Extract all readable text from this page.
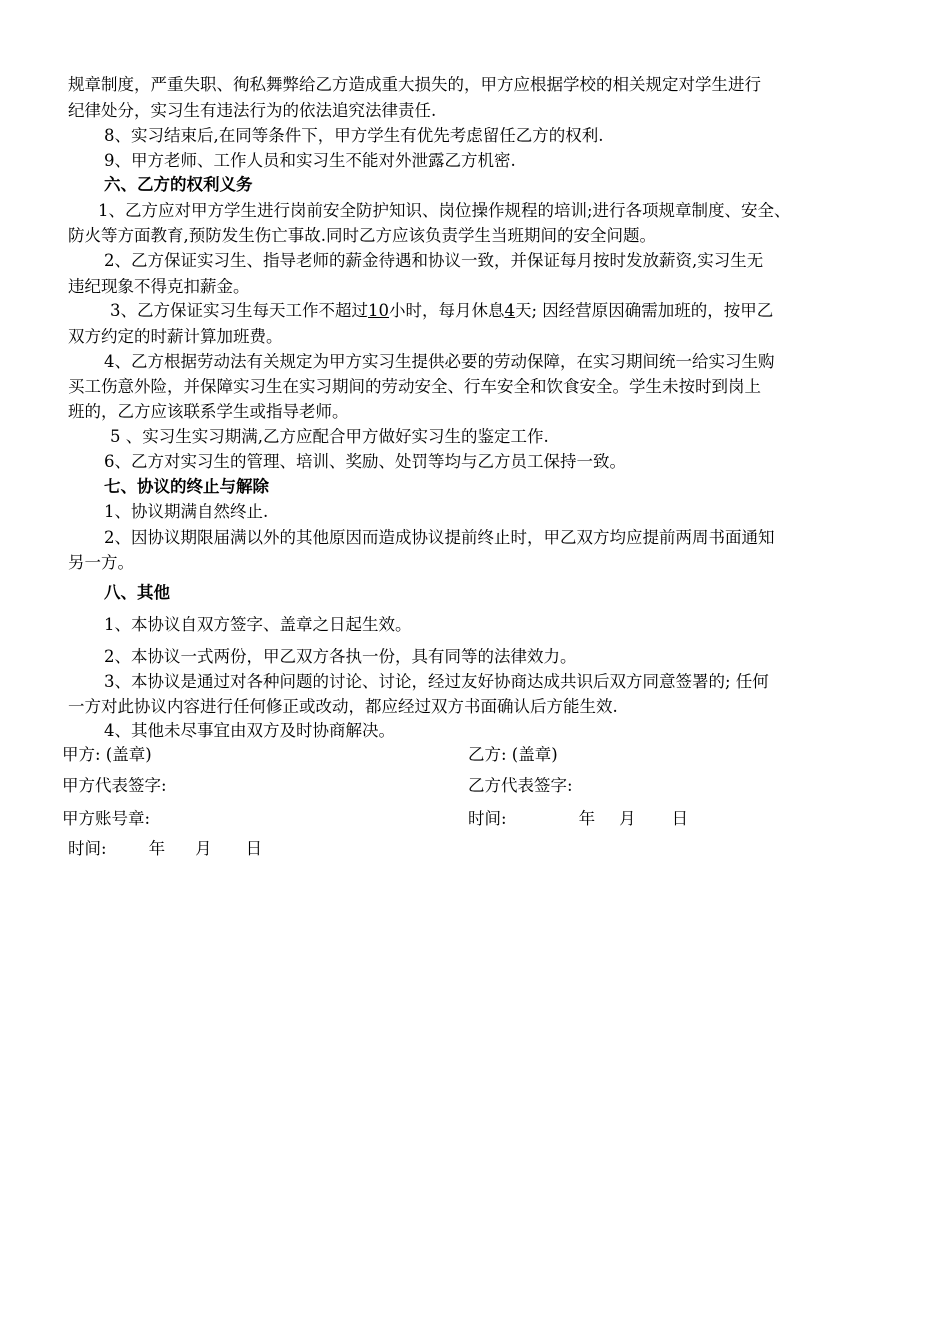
规章制度，严重失职、徇私舞弊给乙方造成重大损失的，甲方应根据学校的相关规定对学生进行
纪律处分，实习生有违法行为的依法追究法律责任.
8、实习结束后,在同等条件下，甲方学生有优先考虑留任乙方的权利.
9、甲方老师、工作人员和实习生不能对外泄露乙方机密.
六、乙方的权利义务
1、乙方应对甲方学生进行岗前安全防护知识、岗位操作规程的培训;进行各项规章制度、安全、
防火等方面教育,预防发生伤亡事故.同时乙方应该负责学生当班期间的安全问题。
2、乙方保证实习生、指导老师的薪金待遇和协议一致，并保证每月按时发放薪资,实习生无
违纪现象不得克扣薪金。
3、乙方保证实习生每天工作不超过10小时，每月休息4天; 因经营原因确需加班的，按甲乙
双方约定的时薪计算加班费。
4、乙方根据劳动法有关规定为甲方实习生提供必要的劳动保障，在实习期间统一给实习生购
买工伤意外险，并保障实习生在实习期间的劳动安全、行车安全和饮食安全。学生未按时到岗上
班的，乙方应该联系学生或指导老师。
5 、实习生实习期满,乙方应配合甲方做好实习生的鉴定工作.
6、乙方对实习生的管理、培训、奖励、处罚等均与乙方员工保持一致。
七、协议的终止与解除
1、协议期满自然终止.
2、因协议期限届满以外的其他原因而造成协议提前终止时，甲乙双方均应提前两周书面通知
另一方。
八、其他
1、本协议自双方签字、盖章之日起生效。
2、本协议一式两份，甲乙双方各执一份，具有同等的法律效力。
3、本协议是通过对各种问题的讨论、讨论，经过友好协商达成共识后双方同意签署的; 任何
一方对此协议内容进行任何修正或改动，都应经过双方书面确认后方能生效.
4、其他未尽事宜由双方及时协商解决。
甲方: (盖章)	乙方: (盖章)
甲方代表签字:	乙方代表签字:
甲方账号章:	时间:	年 月 日
时间:	年 月 日
